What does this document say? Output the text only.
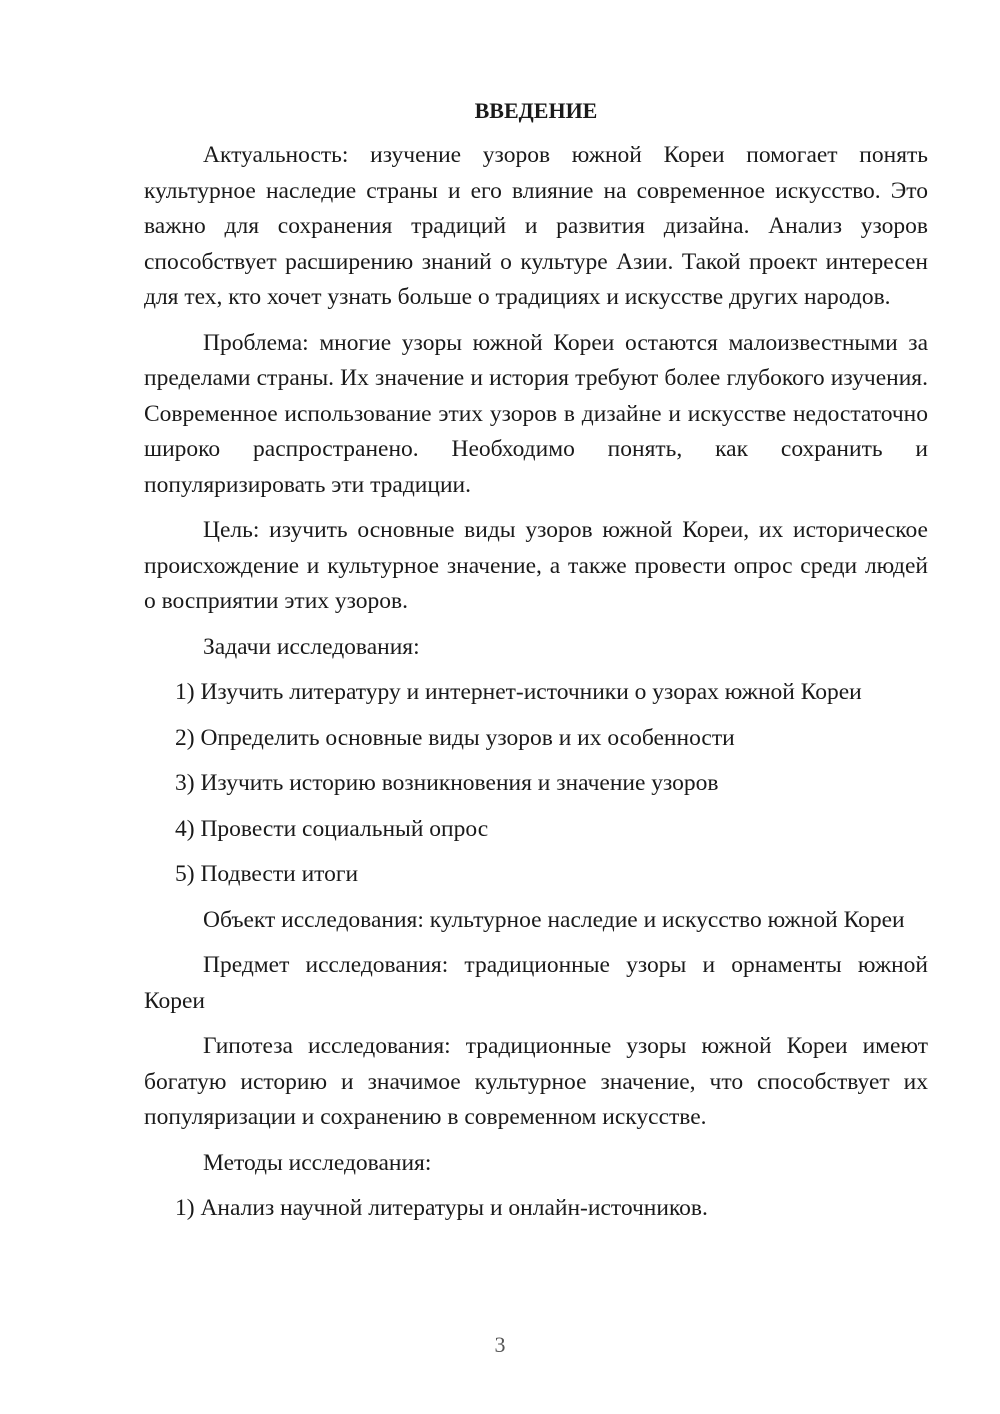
ВВЕДЕНИЕ

Актуальность: изучение узоров южной Кореи помогает понять культурное наследие страны и его влияние на современное искусство. Это важно для сохранения традиций и развития дизайна. Анализ узоров способствует расширению знаний о культуре Азии. Такой проект интересен для тех, кто хочет узнать больше о традициях и искусстве других народов.

Проблема: многие узоры южной Кореи остаются малоизвестными за пределами страны. Их значение и история требуют более глубокого изучения. Современное использование этих узоров в дизайне и искусстве недостаточно широко распространено. Необходимо понять, как сохранить и популяризировать эти традиции.

Цель: изучить основные виды узоров южной Кореи, их историческое происхождение и культурное значение, а также провести опрос среди людей о восприятии этих узоров.

Задачи исследования:

1) Изучить литературу и интернет-источники о узорах южной Кореи
2) Определить основные виды узоров и их особенности
3) Изучить историю возникновения и значение узоров
4) Провести социальный опрос
5) Подвести итоги

Объект исследования: культурное наследие и искусство южной Кореи

Предмет исследования: традиционные узоры и орнаменты южной Кореи

Гипотеза исследования: традиционные узоры южной Кореи имеют богатую историю и значимое культурное значение, что способствует их популяризации и сохранению в современном искусстве.

Методы исследования:

1) Анализ научной литературы и онлайн-источников.
3
